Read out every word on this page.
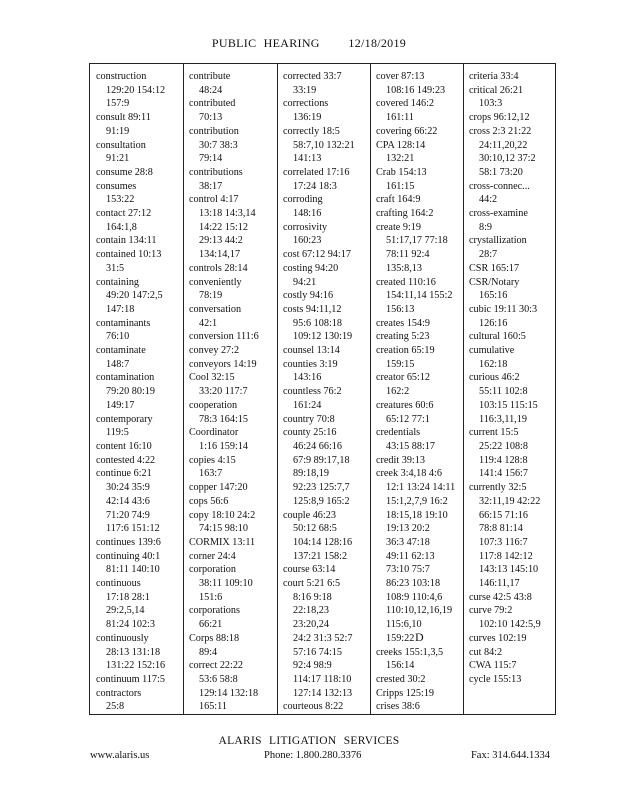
PUBLIC HEARING 12/18/2019
construction
129:20 154:12
157:9
consult 89:11
91:19
consultation
91:21
consume 28:8
consumes
153:22
contact 27:12
164:1,8
contain 134:11
contained 10:13
31:5
containing
49:20 147:2,5
147:18
contaminants
76:10
contaminate
148:7
contamination
79:20 80:19
149:17
contemporary
119:5
content 16:10
contested 4:22
continue 6:21
30:24 35:9
42:14 43:6
71:20 74:9
117:6 151:12
continues 139:6
continuing 40:1
81:11 140:10
continuous
17:18 28:1
29:2,5,14
81:24 102:3
continuously
28:13 131:18
131:22 152:16
continuum 117:5
contractors
25:8
contribute
48:24
contributed
70:13
contribution
30:7 38:3
79:14
contributions
38:17
control 4:17
13:18 14:3,14
14:22 15:12
29:13 44:2
134:14,17
controls 28:14
conveniently
78:19
conversation
42:1
conversion 111:6
convey 27:2
conveyors 14:19
Cool 32:15
33:20 117:7
cooperation
78:3 164:15
Coordinator
1:16 159:14
copies 4:15
163:7
copper 147:20
cops 56:6
copy 18:10 24:2
74:15 98:10
CORMIX 13:11
corner 24:4
corporation
38:11 109:10
151:6
corporations
66:21
Corps 88:18
89:4
correct 22:22
53:6 58:8
129:14 132:18
165:11
corrected 33:7
33:19
corrections
136:19
correctly 18:5
58:7,10 132:21
141:13
correlated 17:16
17:24 18:3
corroding
148:16
corrosivity
160:23
cost 67:12 94:17
costing 94:20
94:21
costly 94:16
costs 94:11,12
95:6 108:18
109:12 130:19
counsel 13:14
counties 3:19
143:16
countless 76:2
161:24
country 70:8
county 25:16
46:24 66:16
67:9 89:17,18
89:18,19
92:23 125:7,7
125:8,9 165:2
couple 46:23
50:12 68:5
104:14 128:16
137:21 158:2
course 63:14
court 5:21 6:5
8:16 9:18
22:18,23
23:20,24
24:2 31:3 52:7
57:16 74:15
92:4 98:9
114:17 118:10
127:14 132:13
courteous 8:22
cover 87:13
108:16 149:23
covered 146:2
161:11
covering 66:22
CPA 128:14
132:21
Crab 154:13
161:15
craft 164:9
crafting 164:2
create 9:19
51:17,17 77:18
78:11 92:4
135:8,13
created 110:16
154:11,14 155:2
156:13
creates 154:9
creating 5:23
creation 65:19
159:15
creator 65:12
162:2
creatures 60:6
65:12 77:1
credentials
43:15 88:17
credit 39:13
creek 3:4,18 4:6
12:1 13:24 14:11
15:1,2,7,9 16:2
18:15,18 19:10
19:13 20:2
36:3 47:18
49:11 62:13
73:10 75:7
86:23 103:18
108:9 110:4,6
110:10,12,16,19
115:6,10
159:22
creeks 155:1,3,5
156:14
crested 30:2
Cripps 125:19
crises 38:6
criteria 33:4
critical 26:21
103:3
crops 96:12,12
cross 2:3 21:22
24:11,20,22
30:10,12 37:2
58:1 73:20
cross-connec...
44:2
cross-examine
8:9
crystallization
28:7
CSR 165:17
CSR/Notary
165:16
cubic 19:11 30:3
126:16
cultural 160:5
cumulative
162:18
curious 46:2
55:11 102:8
103:15 115:15
116:3,11,19
current 15:5
25:22 108:8
119:4 128:8
141:4 156:7
currently 32:5
32:11,19 42:22
66:15 71:16
78:8 81:14
107:3 116:7
117:8 142:12
143:13 145:10
146:11,17
curse 42:5 43:8
curve 79:2
102:10 142:5,9
curves 102:19
cut 84:2
CWA 115:7
cycle 155:13
D
ALARIS LITIGATION SERVICES
www.alaris.us	Phone: 1.800.280.3376	Fax: 314.644.1334
